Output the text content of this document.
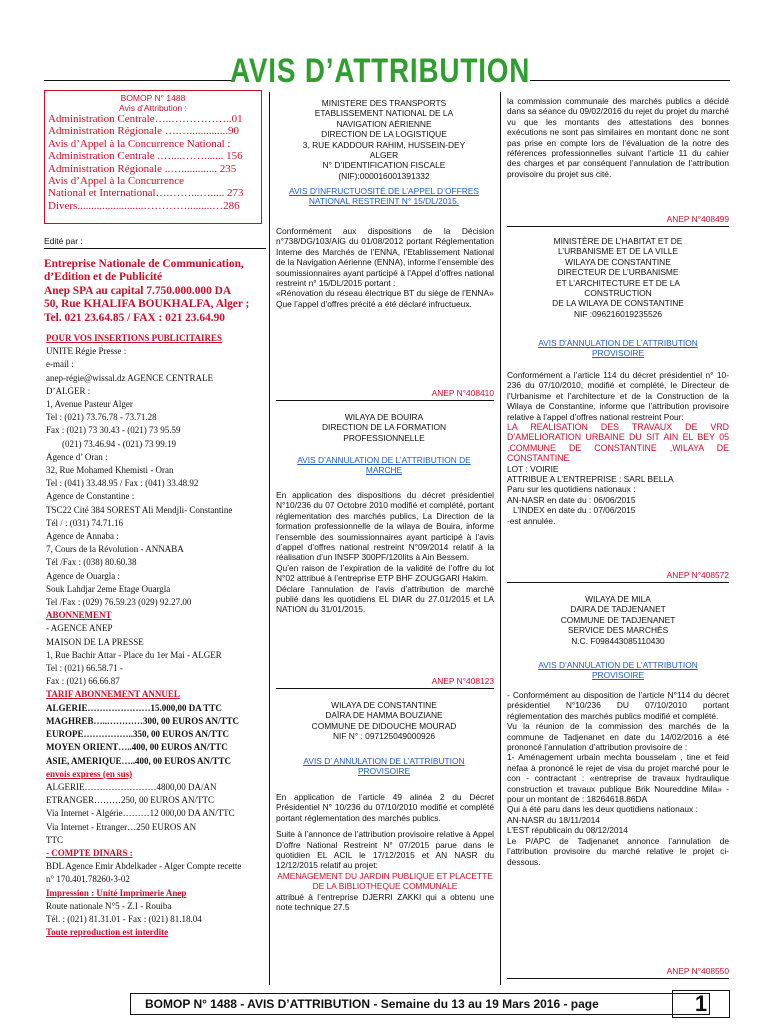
AVIS D’ATTRIBUTION
BOMOP N° 1488
Avis d’Attribution :
Administration Centrale…..……………..01
Administration Régionale ….…..............90
Avis d’Appel à la Concurrence National :
Administration Centrale .…....……....... 156
Administration Régionale ..…............. 235
Avis d’Appel à la Concurrence
National et International….……...…..... 273
Divers........................………….........…286
Edité par :
Entreprise Nationale de Communication,
d’Edition et de Publicité
Anep SPA au capital 7.750.000.000 DA
50, Rue KHALIFA BOUKHALFA, Alger ;
Tel. 021 23.64.85 / FAX : 021 23.64.90
POUR VOS INSERTIONS PUBLICITAIRES
UNITE Régie Presse :
e-mail :
anep-régie@wissal.dz AGENCE CENTRALE
D’ALGER :
1, Avenue Pasteur Alger
Tel : (021) 73.76.78 - 73.71.28
Fax : (021) 73 30.43 - (021) 73 95.59
(021) 73.46.94 - (021) 73 99.19
Agence d’ Oran :
32, Rue Mohamed Khemisti - Oran
Tel : (041) 33.48.95 / Fax : (041) 33.48.92
Agence de Constantine :
TSC22 Cité 384 SOREST Ali Mendjli- Constantine
Tél / : (031) 74.71.16
Agence de Annaba :
7, Cours de la Révolution - ANNABA
Tél /Fax : (038) 80.60.38
Agence de Ouargla :
Souk Lahdjar 2eme Etage Ouargla
Tel /Fax : (029) 76.59.23 (029) 92.27.00
ABONNEMENT
- AGENCE ANEP
MAISON DE LA PRESSE
1, Rue Bachir Attar - Place du 1er Mai - ALGER
Tel : (021) 66.58.71 -
Fax : (021) 66.66.87
TARIF ABONNEMENT ANNUEL
ALGERIE…………………15.000,00 DA TTC
MAGHREB…..…………300, 00 EUROS AN/TTC
EUROPE……………..350, 00 EUROS AN/TTC
MOYEN ORIENT…..400, 00 EUROS AN/TTC
ASIE, AMERIQUE…..400, 00 EUROS AN/TTC
envois express (en sus)
ALGERIE……………………4800,00 DA/AN
ETRANGER………250, 00 EUROS AN/TTC
Via Internet - Algérie………12 000,00 DA AN/TTC
Via Internet - Etranger…250 EUROS AN
TTC
- COMPTE DINARS :
BDL Agence Emir Abdelkader - Alger Compte recette
n° 170.401.78260-3-02
Impression : Unité Imprimerie Anep
Route nationale N°5 - Z.I - Rouiba
Tél. : (021) 81.31.01 - Fax : (021) 81.18.04
Toute reproduction est interdite
MINISTERE DES TRANSPORTS
ETABLISSEMENT NATIONAL DE LA
NAVIGATION AÉRIENNE
DIRECTION DE LA LOGISTIQUE
3, RUE KADDOUR RAHIM, HUSSEIN-DEY
ALGER
N° D’IDENTIFICATION FISCALE
(NIF):000016001391332
AVIS D’INFRUCTUOSITÉ DE L’APPEL D’OFFRES NATIONAL RESTREINT N° 15/DL/2015.
Conformément aux dispositions de la Décision n°738/DG/103/AIG du 01/08/2012 portant Réglementation Interne des Marchés de l’ENNA, l’Etablissement National de la Navigation Aérienne (ENNA), informe l’ensemble des soumissionnaires ayant participé à l’Appel d’offres national restreint n° 15/DL/2015 portant :
«Rénovation du réseau électrique BT du siège de l’ENNA»
Que l’appel d’offres précité a été déclaré infructueux.
ANEP N°408410
WILAYA DE BOUIRA
DIRECTION DE LA FORMATION
PROFESSIONNELLE
AVIS D’ANNULATION DE L’ATTRIBUTION DE MARCHE
En application des dispositions du décret présidentiel N°10/236 du 07 Octobre 2010 modifié et complété, portant réglementation des marchés publics, La Direction de la formation professionnelle de la wilaya de Bouira, informe l’ensemble des soumissionnaires ayant participé à l’avis d’appel d’offres national restreint N°09/2014 relatif à la réalisation d’un INSFP 300PF/120Iits à Ain Bessem.
Qu’en raison de l’expiration de la validité de l’offre du lot N°02 attribué à l’entreprise ETP BHF ZOUGGARI Hakim.
Déclare l’annulation de l’avis d’attribution de marché publié dans les quotidiens EL DIAR du 27.01/2015 et LA NATION du 31/01/2015.
ANEP N°408123
WILAYA DE CONSTANTINE
DAÏRA DE HAMMA BOUZIANE
COMMUNE DE DIDOUCHE MOURAD
NIF N° : 097125049000926
AVIS D’ ANNULATION DE L’ATTRIBUTION PROVISOIRE
En application de l’article 49 alinéa 2 du Décret Présidentiel N° 10/236 du 07/10/2010 modifié et complété portant réglementation des marchés publics.
Suite à l’annonce de l’attribution provisoire relative à Appel D’offre National Restreint N° 07/2015 parue dans le quotidien EL ACIL le 17/12/2015 et AN NASR du 12/12/2015 relatif au projet:
AMENAGEMENT DU JARDIN PUBLIQUE ET PLACETTE DE LA BIBLIOTHEQUE COMMUNALE
attribué à l’entreprise DJERRI ZAKKI qui a obtenu une note technique 27.5
la commission communale des marchés publics a décidé dans sa séance du 09/02/2016 du rejet du projet du marché vu que les montants des attestations des bonnes exécutions ne sont pas similaires en montant donc ne sont pas prise en compte lors de l’évaluation de la notre des références professionnelles suivant l’article 11 du cahier des charges et par conséquent l’annulation de l’attribution provisoire du projet sus cité.
ANEP N°408499
MINISTÈRE DE L’HABITAT ET DE
L’URBANISME ET DE LA VILLE
WILAYA DE CONSTANTINE
DIRECTEUR DE L’URBANISME
ET L’ARCHITECTURE ET DE LA
CONSTRUCTION
DE LA WILAYA DE CONSTANTINE
NIF :096216019235526
AVIS D’ANNULATION DE L’ATTRIBUTION PROVISOIRE
Conformément a l’article 114 du décret présidentiel n° 10-236 du 07/10/2010, modifié et complété, le Directeur de l’Urbanisme et l’architecture et de la Construction de la Wilaya de Constantine, informe que l’attribution provisoire relative à l’appel d’offres national restreint Pour:
LA REALISATION DES TRAVAUX DE VRD D’AMELIORATION URBAINE DU SIT AIN EL BEY 05 ,COMMUNE DE CONSTANTINE ,WILAYA DE CONSTANTINE
LOT : VOIRIE
ATTRIBUE A L’ENTREPRISE : SARL BELLA
Paru sur les quotidiens nationaux :
AN-NASR en date du : 06/06/2015
L’INDEX en date du : 07/06/2015
-est annulée.
ANEP N°408572
WILAYA DE MILA
DAIRA DE TADJENANET
COMMUNE DE TADJENANET
SERVICE DES MARCHÉS
N.C. F098443085110430
AVIS D’ANNULATION DE L’ATTRIBUTION PROVISOIRE
- Conformément au disposition de l’article N°114 du décret présidentiel N°10/236 DU 07/10/2010 portant réglementation des marchés publics modifié et complété.
Vu la réunion de la commission des marchés de la commune de Tadjenanet en date du 14/02/2016 a été prononcé l’annulation d’attribution provisoire de :
1- Aménagement urbain mechta bousselam , tine et feid nefaa à prononcé le rejet de visa du projet marché pour le con - contractant : «entreprise de travaux hydraulique construction et travaux publique Brik Noureddine Mila» - pour un montant de : 18264618.86DA
Qui à été paru dans les deux quotidiens nationaux :
AN-NASR du 18/11/2014
L’EST républicain du 08/12/2014
Le P/APC de Tadjenanet annonce l’annulation de l’attribution provisoire du marché relative le projet ci- dessous.
ANEP N°408550
BOMOP N° 1488 - AVIS D’ATTRIBUTION - Semaine du 13 au 19 Mars 2016 - page	1
